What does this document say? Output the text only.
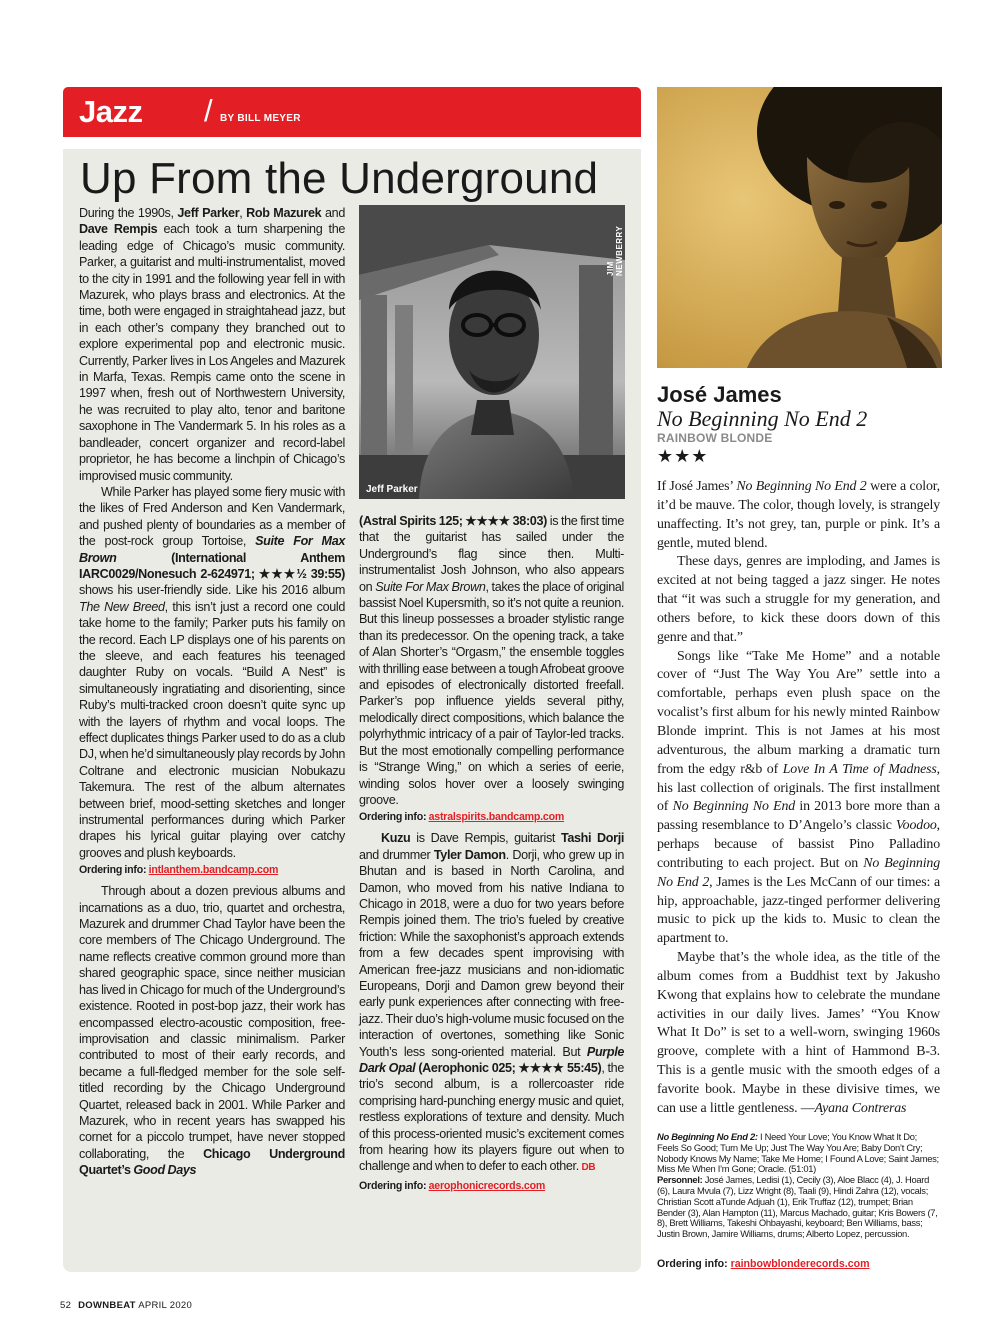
Jazz / BY BILL MEYER
Up From the Underground

During the 1990s, Jeff Parker, Rob Mazurek and Dave Rempis each took a turn sharpening the leading edge of Chicago’s music community. Parker, a guitarist and multi-instrumentalist, moved to the city in 1991 and the following year fell in with Mazurek, who plays brass and electronics. At the time, both were engaged in straightahead jazz, but in each other’s company they branched out to explore experimental pop and electronic music. Currently, Parker lives in Los Angeles and Mazurek in Marfa, Texas. Rempis came onto the scene in 1997 when, fresh out of Northwestern University, he was recruited to play alto, tenor and baritone saxophone in The Vandermark 5. In his roles as a bandleader, concert organizer and record-label proprietor, he has become a linchpin of Chicago’s improvised music community.

While Parker has played some fiery music with the likes of Fred Anderson and Ken Vandermark, and pushed plenty of boundaries as a member of the post-rock group Tortoise, Suite For Max Brown (International Anthem IARC0029/Nonesuch 2-624971; ★★★½ 39:55) shows his user-friendly side. Like his 2016 album The New Breed, this isn’t just a record one could take home to the family; Parker puts his family on the record. Each LP displays one of his parents on the sleeve, and each features his teenaged daughter Ruby on vocals. “Build A Nest” is simultaneously ingratiating and disorienting, since Ruby’s multi-tracked croon doesn’t quite sync up with the layers of rhythm and vocal loops. The effect duplicates things Parker used to do as a club DJ, when he’d simultaneously play records by John Coltrane and electronic musician Nobukazu Takemura. The rest of the album alternates between brief, mood-setting sketches and longer instrumental performances during which Parker drapes his lyrical guitar playing over catchy grooves and plush keyboards.

Ordering info: intlanthem.bandcamp.com

Through about a dozen previous albums and incarnations as a duo, trio, quartet and orchestra, Mazurek and drummer Chad Taylor have been the core members of The Chicago Underground. The name reflects creative common ground more than shared geographic space, since neither musician has lived in Chicago for much of the Underground’s existence. Rooted in post-bop jazz, their work has encompassed electro-acoustic composition, free-improvisation and classic minimalism. Parker contributed to most of their early records, and became a full-fledged member for the sole self-titled recording by the Chicago Underground Quartet, released back in 2001. While Parker and Mazurek, who in recent years has swapped his cornet for a piccolo trumpet, have never stopped collaborating, the Chicago Underground Quartet’s Good Days

JIM NEWBERRY
Jeff Parker

(Astral Spirits 125; ★★★★ 38:03) is the first time that the guitarist has sailed under the Underground’s flag since then. Multi-instrumentalist Josh Johnson, who also appears on Suite For Max Brown, takes the place of original bassist Noel Kupersmith, so it’s not quite a reunion. But this lineup possesses a broader stylistic range than its predecessor. On the opening track, a take of Alan Shorter’s “Orgasm,” the ensemble toggles with thrilling ease between a tough Afrobeat groove and episodes of electronically distorted freefall. Parker’s pop influence yields several pithy, melodically direct compositions, which balance the polyrhythmic intricacy of a pair of Taylor-led tracks. But the most emotionally compelling performance is “Strange Wing,” on which a series of eerie, winding solos hover over a loosely swinging groove.

Ordering info: astralspirits.bandcamp.com

Kuzu is Dave Rempis, guitarist Tashi Dorji and drummer Tyler Damon. Dorji, who grew up in Bhutan and is based in North Carolina, and Damon, who moved from his native Indiana to Chicago in 2018, were a duo for two years before Rempis joined them. The trio’s fueled by creative friction: While the saxophonist’s approach extends from a few decades spent improvising with American free-jazz musicians and non-idiomatic Europeans, Dorji and Damon grew beyond their early punk experiences after connecting with free-jazz. Their duo’s high-volume music focused on the interaction of overtones, something like Sonic Youth’s less song-oriented material. But Purple Dark Opal (Aerophonic 025; ★★★★ 55:45), the trio’s second album, is a rollercoaster ride comprising hard-punching energy music and quiet, restless explorations of texture and density. Much of this process-oriented music’s excitement comes from hearing how its players figure out when to challenge and when to defer to each other. DB

Ordering info: aerophonicrecords.com
José James
No Beginning No End 2
RAINBOW BLONDE
★★★

If José James’ No Beginning No End 2 were a color, it’d be mauve. The color, though lovely, is strangely unaffecting. It’s not grey, tan, purple or pink. It’s a gentle, muted blend.

These days, genres are imploding, and James is excited at not being tagged a jazz singer. He notes that “it was such a struggle for my generation, and others before, to kick these doors down of this genre and that.”

Songs like “Take Me Home” and a notable cover of “Just The Way You Are” settle into a comfortable, perhaps even plush space on the vocalist’s first album for his newly minted Rainbow Blonde imprint. This is not James at his most adventurous, the album marking a dramatic turn from the edgy r&b of Love In A Time of Madness, his last collection of originals. The first installment of No Beginning No End in 2013 bore more than a passing resemblance to D’Angelo’s classic Voodoo, perhaps because of bassist Pino Palladino contributing to each project. But on No Beginning No End 2, James is the Les McCann of our times: a hip, approachable, jazz-tinged performer delivering music to pick up the kids to. Music to clean the apartment to.

Maybe that’s the whole idea, as the title of the album comes from a Buddhist text by Jakusho Kwong that explains how to celebrate the mundane activities in our daily lives. James’ “You Know What It Do” is set to a well-worn, swinging 1960s groove, complete with a hint of Hammond B-3. This is a gentle music with the smooth edges of a favorite book. Maybe in these divisive times, we can use a little gentleness. —Ayana Contreras

No Beginning No End 2: I Need Your Love; You Know What It Do; Feels So Good; Turn Me Up; Just The Way You Are; Baby Don’t Cry; Nobody Knows My Name; Take Me Home; I Found A Love; Saint James; Miss Me When I’m Gone; Oracle. (51:01)
Personnel: José James, Ledisi (1), Cecily (3), Aloe Blacc (4), J. Hoard (6), Laura Mvula (7), Lizz Wright (8), Taali (9), Hindi Zahra (12), vocals; Christian Scott aTunde Adjuah (1), Erik Truffaz (12), trumpet; Brian Bender (3), Alan Hampton (11), Marcus Machado, guitar; Kris Bowers (7, 8), Brett Williams, Takeshi Ohbayashi, keyboard; Ben Williams, bass; Justin Brown, Jamire Williams, drums; Alberto Lopez, percussion.
Ordering info: rainbowblonderecords.com
52 DOWNBEAT APRIL 2020
